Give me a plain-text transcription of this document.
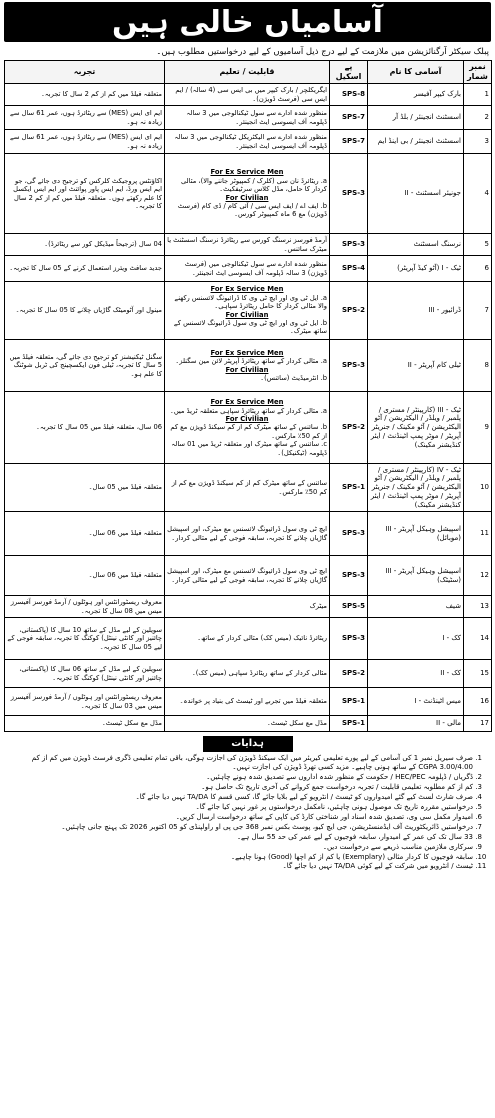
آسامیاں خالی ہیں
پبلک سیکٹر آرگنائزیشن میں ملازمت کے لیے درج ذیل آسامیوں کے لیے درخواستیں مطلوب ہیں۔
نمبر شمار	آسامی کا نام	پے اسکیل	قابلیت / تعلیم	تجربہ
1	بارک کیپر آفیسر	SPS-8	ایگریکلچر / بارک کیپر میں بی ایس سی (4 سالہ) / ایم ایس سی (فرسٹ ڈویژن)۔	متعلقہ فیلڈ میں کم از کم 2 سال کا تجربہ۔
2	اسسٹنٹ انجینئر / بلڈ آر	SPS-7	منظور شدہ ادارے سے سول ٹیکنالوجی میں 3 سالہ ڈپلومہ آف ایسوسی ایٹ انجینئر۔	ایم ای ایس (MES) سے ریٹائرڈ ہوں، عمر 61 سال سے زیادہ نہ ہو۔
3	اسسٹنٹ انجینئر / بی اینڈ ایم	SPS-7	منظور شدہ ادارے سے الیکٹریکل ٹیکنالوجی میں 3 سالہ ڈپلومہ آف ایسوسی ایٹ انجینئر۔	ایم ای ایس (MES) سے ریٹائرڈ ہوں، عمر 61 سال سے زیادہ نہ ہو۔
4	جونیئر اسسٹنٹ - II	SPS-3	For Ex Service Men
a. ریٹائرڈ نان سی (کلرک / کمپیوٹر جاننے والا)، مثالی کردار کا حامل، مڈل کلاس سرٹیفکیٹ۔
For Civilian
b. ایف اے / ایف ایس سی / آئی کام / ڈی کام (فرسٹ ڈویژن) مع 6 ماہ کمپیوٹر کورس۔	اکاؤنٹس پروجیکٹ کلرکس کو ترجیح دی جائے گی، جو ایم ایس ورڈ، ایم ایس پاور پوائنٹ اور ایم ایس ایکسل کا علم رکھتے ہوں۔ متعلقہ فیلڈ میں کم از کم 2 سال کا تجربہ۔
5	نرسنگ اسسٹنٹ	SPS-3	آرمڈ فورسز نرسنگ کورس سے ریٹائرڈ نرسنگ اسسٹنٹ یا میٹرک سائنس۔	04 سال (ترجیحاً میڈیکل کور سے ریٹائرڈ)۔
6	ٹیک - I (آٹو کیڈ آپریٹر)	SPS-4	منظور شدہ ادارے سے سول ٹیکنالوجی میں (فرسٹ ڈویژن) 3 سالہ ڈپلومہ آف ایسوسی ایٹ انجینئر۔	جدید سافٹ ویئرز استعمال کرنے کے 05 سال کا تجربہ۔
7	ڈرائیور - III	SPS-2	For Ex Service Men
a. ایل ٹی وی اور ایچ ٹی وی کا ڈرائیونگ لائسنس رکھنے والا مثالی کردار کا حامل ریٹائرڈ سپاہی۔
For Civilian
b. ایل ٹی وی اور ایچ ٹی وی سول ڈرائیونگ لائسنس کے ساتھ میٹرک۔	مینول اور آٹومیٹک گاڑیاں چلانے کا 05 سال کا تجربہ۔
8	ٹیلی کام آپریٹر - II	SPS-3	For Ex Service Men
a. مثالی کردار کے ساتھ ریٹائرڈ آپریٹر لائن مین سگنلز۔
For Civilian
b. انٹرمیڈیٹ (سائنس)۔	سگنل ٹیکنیشنز کو ترجیح دی جائے گی، متعلقہ فیلڈ میں 5 سال کا تجربہ، ٹیلی فون ایکسچینج کی ٹربل شوٹنگ کا علم ہو۔
9	ٹیک - III (کارپینٹر / مستری / پلمبر / ویلڈر / الیکٹریشن / آٹو الیکٹریشن / آٹو مکینک / جنریٹر آپریٹر / موٹر پمپ اٹینڈنٹ / ایئر کنڈیشنر مکینک)	SPS-2	For Ex Service Men
a. مثالی کردار کے ساتھ ریٹائرڈ سپاہی متعلقہ ٹریڈ میں۔
For Civilian
b. سائنس کے ساتھ میٹرک کم از کم سیکنڈ ڈویژن مع کم از کم 50٪ مارکس۔
c. سائنس کے ساتھ میٹرک اور متعلقہ ٹریڈ میں 01 سالہ ڈپلومہ (ٹیکنیکل)۔	06 سال، متعلقہ فیلڈ میں 05 سال کا تجربہ۔
10	ٹیک - IV (کارپینٹر / مستری / پلمبر / ویلڈر / الیکٹریشن / آٹو الیکٹریشن / آٹو مکینک / جنریٹر آپریٹر / موٹر پمپ اٹینڈنٹ / ایئر کنڈیشنر مکینک)	SPS-1	سائنس کے ساتھ میٹرک کم از کم سیکنڈ ڈویژن مع کم از کم 50٪ مارکس۔	متعلقہ فیلڈ میں 05 سال۔
11	اسپیشل وہیکل آپریٹر - III (موبائل)	SPS-3	ایچ ٹی وی سول ڈرائیونگ لائسنس مع میٹرک، اور اسپیشل گاڑیاں چلانے کا تجربہ، سابقہ فوجی کے لیے مثالی کردار۔	متعلقہ فیلڈ میں 06 سال۔
12	اسپیشل وہیکل آپریٹر - III (سٹیٹک)	SPS-3	ایچ ٹی وی سول ڈرائیونگ لائسنس مع میٹرک، اور اسپیشل گاڑیاں چلانے کا تجربہ، سابقہ فوجی کے لیے مثالی کردار۔	متعلقہ فیلڈ میں 06 سال۔
13	شیف	SPS-5	میٹرک	معروف ریسٹورانٹس اور ہوٹلوں / آرمڈ فورسز آفیسرز میس میں 08 سال کا تجربہ۔
14	کک - I	SPS-3	ریٹائرڈ نائیک (میس کک) مثالی کردار کے ساتھ۔	سویلین کے لیے مڈل کے ساتھ 10 سال کا (پاکستانی، چائنیز اور کانٹی نینٹل) کوکنگ کا تجربہ، سابقہ فوجی کے لیے 05 سال کا تجربہ۔
15	کک - II	SPS-2	مثالی کردار کے ساتھ ریٹائرڈ سپاہی (میس کک)۔	سویلین کے لیے مڈل کے ساتھ 06 سال کا (پاکستانی، چائنیز اور کانٹی نینٹل) کوکنگ کا تجربہ۔
16	میس اٹینڈنٹ - I	SPS-1	متعلقہ فیلڈ میں تجربے اور ٹیسٹ کی بنیاد پر خواندہ۔	معروف ریسٹورانٹس اور ہوٹلوں / آرمڈ فورسز آفیسرز میس میں 03 سال کا تجربہ۔
17	مالی - II	SPS-1	مڈل مع سکل ٹیسٹ۔	مڈل مع سکل ٹیسٹ۔
ہدایات
1. صرف سیریل نمبر 1 کی آسامی کے لیے پورے تعلیمی کیریئر میں ایک سیکنڈ ڈویژن کی اجازت ہوگی، باقی تمام تعلیمی ڈگری فرسٹ ڈویژن میں کم از کم 3.00/4.00 CGPA کے ساتھ ہونی چاہیے۔ مزید کسی تھرڈ ڈویژن کی اجازت نہیں۔
2. ڈگریاں / ڈپلومہ HEC/PEC / حکومت کے منظور شدہ اداروں سے تصدیق شدہ ہونے چاہئیں۔
3. کم از کم مطلوبہ تعلیمی قابلیت / تجربہ درخواست جمع کروانے کی آخری تاریخ تک حاصل ہو۔
4. صرف شارٹ لسٹ کیے گئے امیدواروں کو ٹیسٹ / انٹرویو کے لیے بلایا جائے گا، کسی قسم کا TA/DA نہیں دیا جائے گا۔
5. درخواستیں مقررہ تاریخ تک موصول ہونی چاہئیں، نامکمل درخواستوں پر غور نہیں کیا جائے گا۔
6. امیدوار مکمل سی وی، تصدیق شدہ اسناد اور شناختی کارڈ کی کاپی کے ساتھ درخواست ارسال کریں۔
7. درخواستیں ڈائریکٹوریٹ آف ایڈمنسٹریشن، جی ایچ کیو، پوسٹ بکس نمبر 368 جی پی او راولپنڈی کو 05 اکتوبر 2026 تک پہنچ جانی چاہئیں۔
8. 33 سال تک کی عمر کے امیدوار، سابقہ فوجیوں کے لیے عمر کی حد 55 سال ہے۔
9. سرکاری ملازمین مناسب ذریعے سے درخواست دیں۔
10. سابقہ فوجیوں کا کردار مثالی (Exemplary) یا کم از کم اچھا (Good) ہونا چاہیے۔
11. ٹیسٹ / انٹرویو میں شرکت کے لیے کوئی TA/DA نہیں دیا جائے گا۔
